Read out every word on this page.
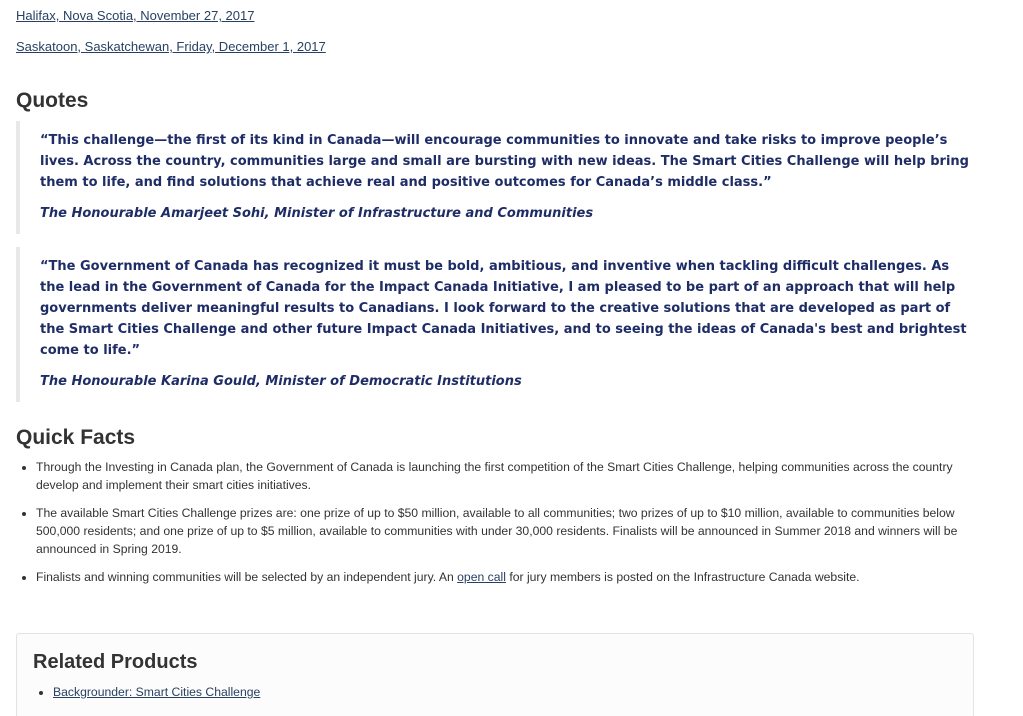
Halifax, Nova Scotia, November 27, 2017
Saskatoon, Saskatchewan, Friday, December 1, 2017
Quotes

“This challenge—the first of its kind in Canada—will encourage communities to innovate and take risks to improve people’s lives. Across the country, communities large and small are bursting with new ideas. The Smart Cities Challenge will help bring them to life, and find solutions that achieve real and positive outcomes for Canada’s middle class.”

The Honourable Amarjeet Sohi, Minister of Infrastructure and Communities

“The Government of Canada has recognized it must be bold, ambitious, and inventive when tackling difficult challenges. As the lead in the Government of Canada for the Impact Canada Initiative, I am pleased to be part of an approach that will help governments deliver meaningful results to Canadians. I look forward to the creative solutions that are developed as part of the Smart Cities Challenge and other future Impact Canada Initiatives, and to seeing the ideas of Canada's best and brightest come to life.”

The Honourable Karina Gould, Minister of Democratic Institutions

Quick Facts
• Through the Investing in Canada plan, the Government of Canada is launching the first competition of the Smart Cities Challenge, helping communities across the country develop and implement their smart cities initiatives.
• The available Smart Cities Challenge prizes are: one prize of up to $50 million, available to all communities; two prizes of up to $10 million, available to communities below 500,000 residents; and one prize of up to $5 million, available to communities with under 30,000 residents. Finalists will be announced in Summer 2018 and winners will be announced in Spring 2019.
• Finalists and winning communities will be selected by an independent jury. An open call for jury members is posted on the Infrastructure Canada website.
Related Products
• Backgrounder: Smart Cities Challenge
